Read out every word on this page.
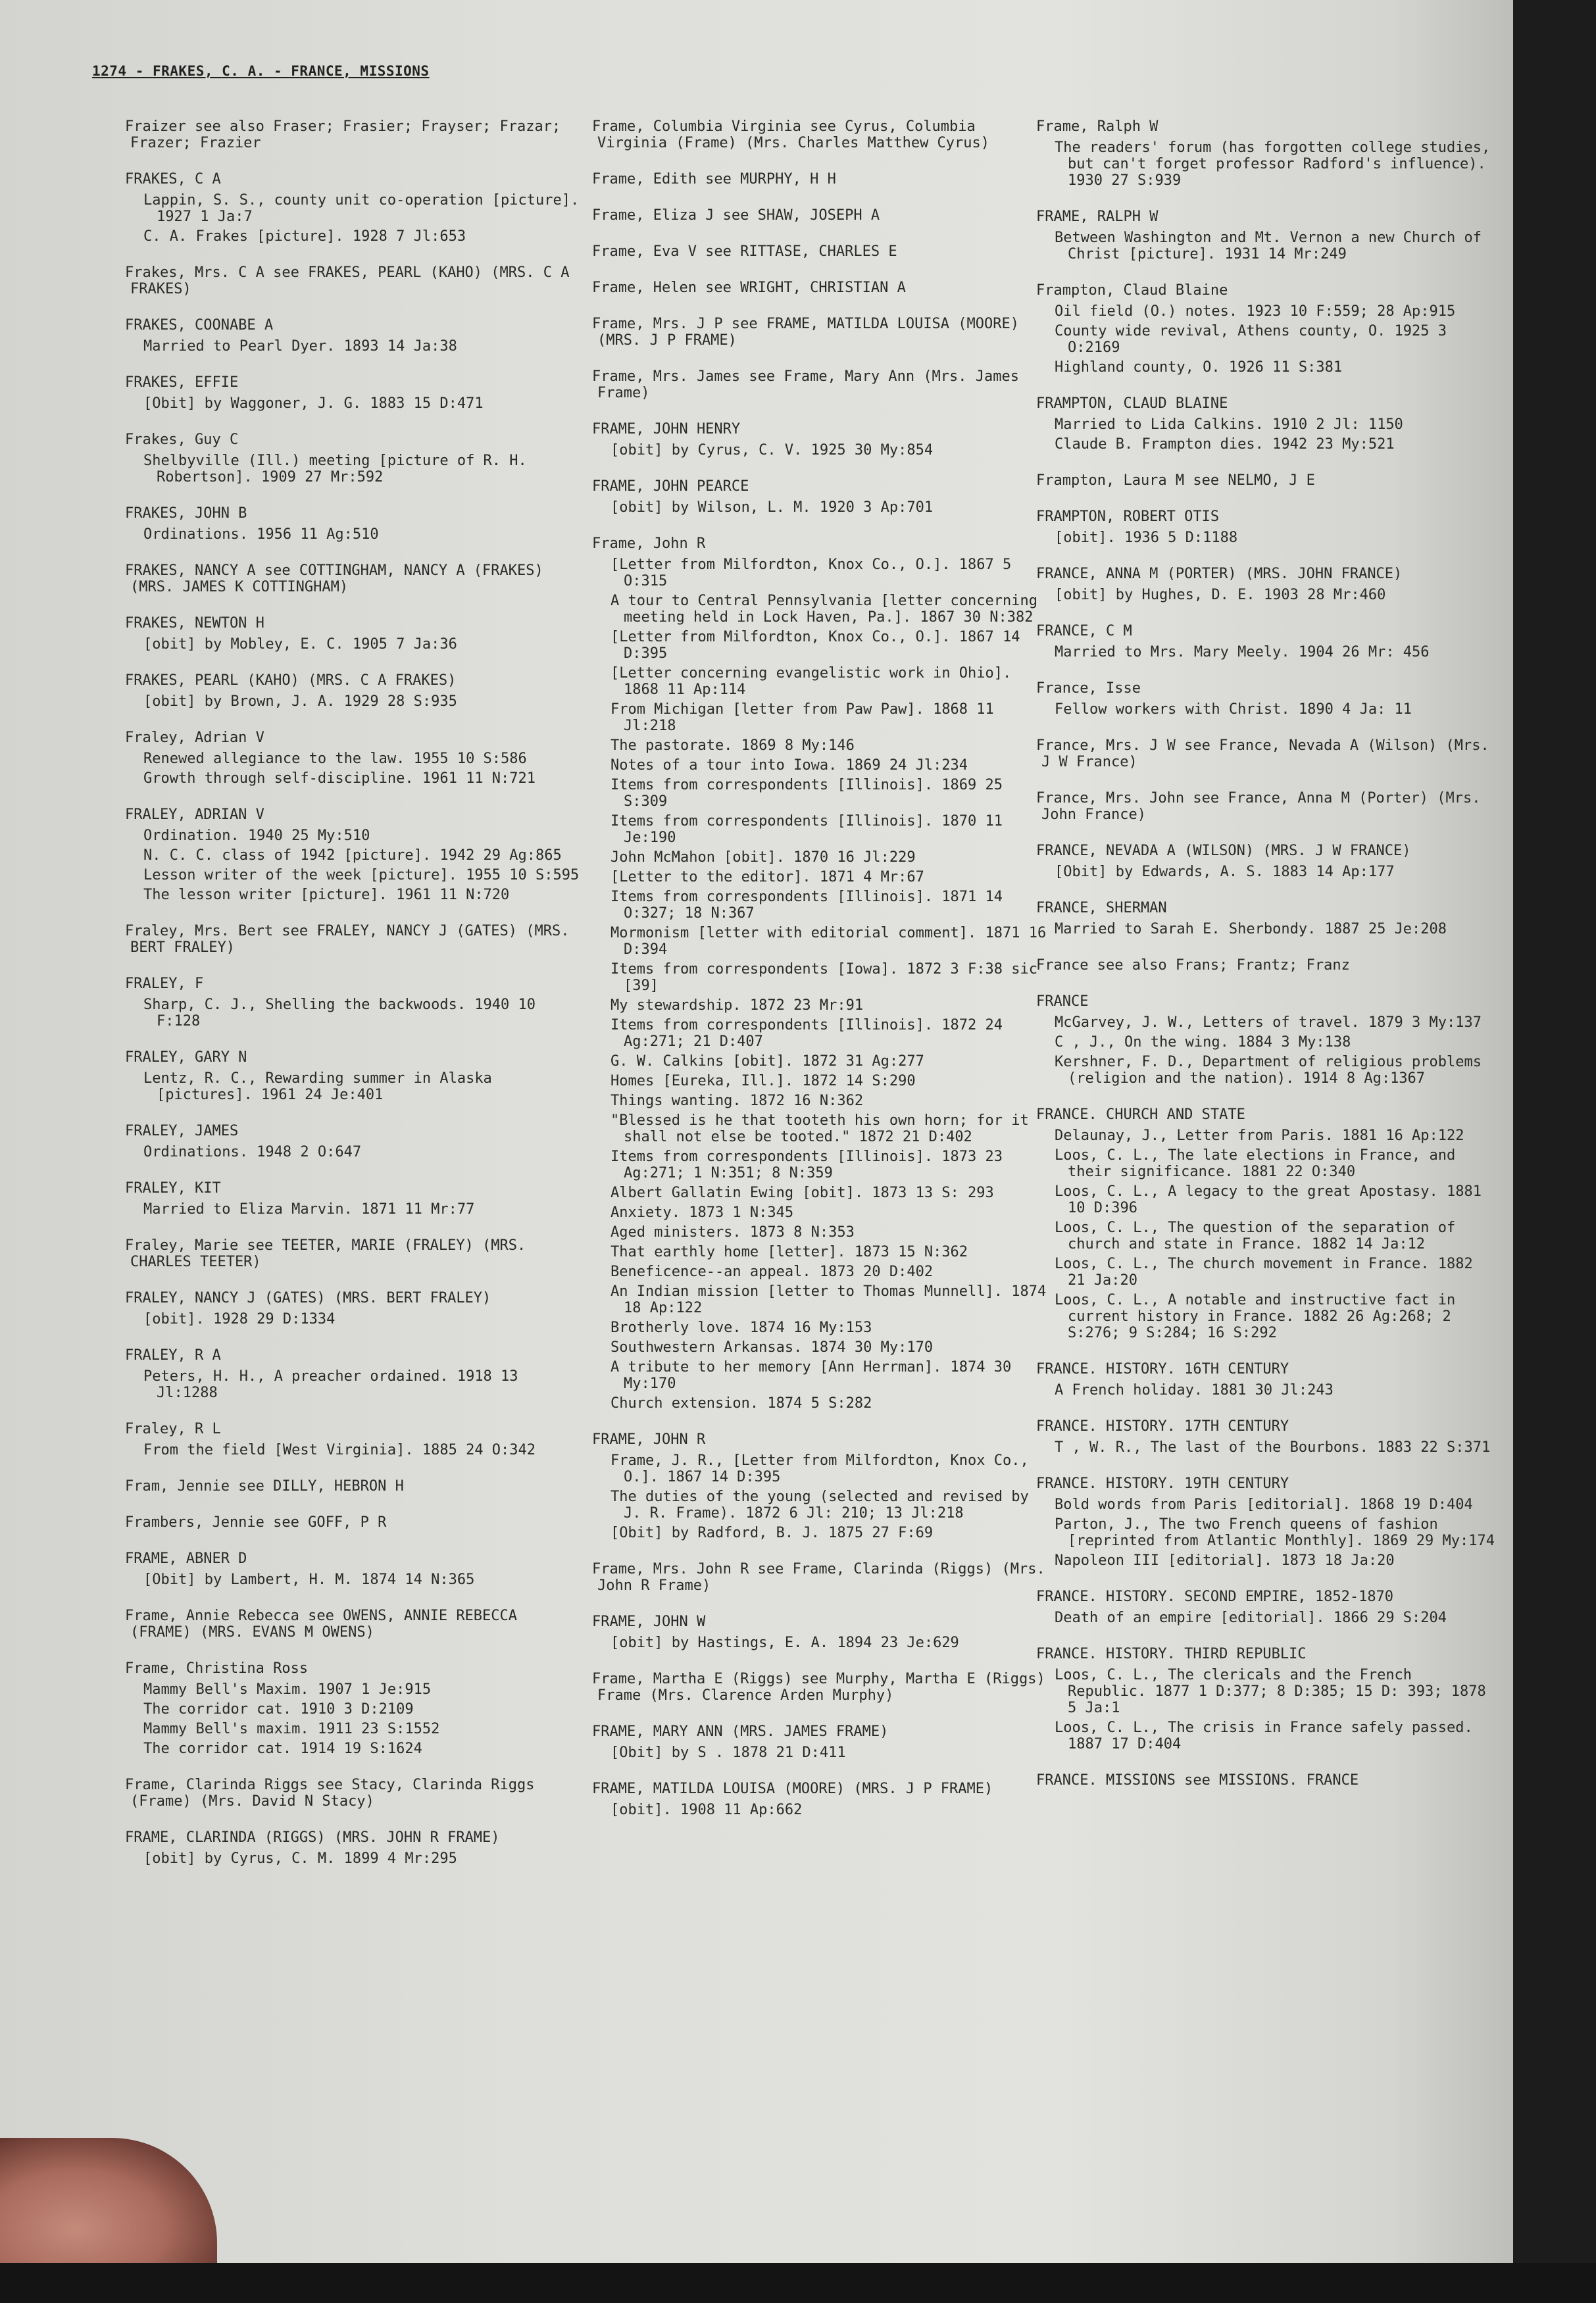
1274 - FRAKES, C. A. - FRANCE, MISSIONS
Fraizer see also Fraser; Frasier; Frayser; Frazar; Frazer; Frazier
FRAKES, C A
Lappin, S. S., county unit co-operation [picture]. 1927 1 Ja:7
C. A. Frakes [picture]. 1928 7 Jl:653
Frakes, Mrs. C A see FRAKES, PEARL (KAHO) (MRS. C A FRAKES)
FRAKES, COONABE A
Married to Pearl Dyer. 1893 14 Ja:38
FRAKES, EFFIE
[Obit] by Waggoner, J. G. 1883 15 D:471
Frakes, Guy C
Shelbyville (Ill.) meeting [picture of R. H. Robertson]. 1909 27 Mr:592
FRAKES, JOHN B
Ordinations. 1956 11 Ag:510
FRAKES, NANCY A see COTTINGHAM, NANCY A (FRAKES) (MRS. JAMES K COTTINGHAM)
FRAKES, NEWTON H
[obit] by Mobley, E. C. 1905 7 Ja:36
FRAKES, PEARL (KAHO) (MRS. C A FRAKES)
[obit] by Brown, J. A. 1929 28 S:935
Fraley, Adrian V
Renewed allegiance to the law. 1955 10 S:586
Growth through self-discipline. 1961 11 N:721
FRALEY, ADRIAN V
Ordination. 1940 25 My:510
N. C. C. class of 1942 [picture]. 1942 29 Ag:865
Lesson writer of the week [picture]. 1955 10 S:595
The lesson writer [picture]. 1961 11 N:720
Fraley, Mrs. Bert see FRALEY, NANCY J (GATES) (MRS. BERT FRALEY)
FRALEY, F
Sharp, C. J., Shelling the backwoods. 1940 10 F:128
FRALEY, GARY N
Lentz, R. C., Rewarding summer in Alaska [pictures]. 1961 24 Je:401
FRALEY, JAMES
Ordinations. 1948 2 O:647
FRALEY, KIT
Married to Eliza Marvin. 1871 11 Mr:77
Fraley, Marie see TEETER, MARIE (FRALEY) (MRS. CHARLES TEETER)
FRALEY, NANCY J (GATES) (MRS. BERT FRALEY)
[obit]. 1928 29 D:1334
FRALEY, R A
Peters, H. H., A preacher ordained. 1918 13 Jl:1288
Fraley, R L
From the field [West Virginia]. 1885 24 O:342
Fram, Jennie see DILLY, HEBRON H
Frambers, Jennie see GOFF, P R
FRAME, ABNER D
[Obit] by Lambert, H. M. 1874 14 N:365
Frame, Annie Rebecca see OWENS, ANNIE REBECCA (FRAME) (MRS. EVANS M OWENS)
Frame, Christina Ross
Mammy Bell's Maxim. 1907 1 Je:915
The corridor cat. 1910 3 D:2109
Mammy Bell's maxim. 1911 23 S:1552
The corridor cat. 1914 19 S:1624
Frame, Clarinda Riggs see Stacy, Clarinda Riggs (Frame) (Mrs. David N Stacy)
FRAME, CLARINDA (RIGGS) (MRS. JOHN R FRAME)
[obit] by Cyrus, C. M. 1899 4 Mr:295
Frame, Columbia Virginia see Cyrus, Columbia Virginia (Frame) (Mrs. Charles Matthew Cyrus)
Frame, Edith see MURPHY, H H
Frame, Eliza J see SHAW, JOSEPH A
Frame, Eva V see RITTASE, CHARLES E
Frame, Helen see WRIGHT, CHRISTIAN A
Frame, Mrs. J P see FRAME, MATILDA LOUISA (MOORE) (MRS. J P FRAME)
Frame, Mrs. James see Frame, Mary Ann (Mrs. James Frame)
FRAME, JOHN HENRY
[obit] by Cyrus, C. V. 1925 30 My:854
FRAME, JOHN PEARCE
[obit] by Wilson, L. M. 1920 3 Ap:701
Frame, John R
[Letter from Milfordton, Knox Co., O.]. 1867 5 O:315
A tour to Central Pennsylvania [letter concerning meeting held in Lock Haven, Pa.]. 1867 30 N:382
[Letter from Milfordton, Knox Co., O.]. 1867 14 D:395
[Letter concerning evangelistic work in Ohio]. 1868 11 Ap:114
From Michigan [letter from Paw Paw]. 1868 11 Jl:218
The pastorate. 1869 8 My:146
Notes of a tour into Iowa. 1869 24 Jl:234
Items from correspondents [Illinois]. 1869 25 S:309
Items from correspondents [Illinois]. 1870 11 Je:190
John McMahon [obit]. 1870 16 Jl:229
[Letter to the editor]. 1871 4 Mr:67
Items from correspondents [Illinois]. 1871 14 O:327; 18 N:367
Mormonism [letter with editorial comment]. 1871 16 D:394
Items from correspondents [Iowa]. 1872 3 F:38 sic [39]
My stewardship. 1872 23 Mr:91
Items from correspondents [Illinois]. 1872 24 Ag:271; 21 D:407
G. W. Calkins [obit]. 1872 31 Ag:277
Homes [Eureka, Ill.]. 1872 14 S:290
Things wanting. 1872 16 N:362
"Blessed is he that tooteth his own horn; for it shall not else be tooted." 1872 21 D:402
Items from correspondents [Illinois]. 1873 23 Ag:271; 1 N:351; 8 N:359
Albert Gallatin Ewing [obit]. 1873 13 S: 293
Anxiety. 1873 1 N:345
Aged ministers. 1873 8 N:353
That earthly home [letter]. 1873 15 N:362
Beneficence--an appeal. 1873 20 D:402
An Indian mission [letter to Thomas Munnell]. 1874 18 Ap:122
Brotherly love. 1874 16 My:153
Southwestern Arkansas. 1874 30 My:170
A tribute to her memory [Ann Herrman]. 1874 30 My:170
Church extension. 1874 5 S:282
FRAME, JOHN R
Frame, J. R., [Letter from Milfordton, Knox Co., O.]. 1867 14 D:395
The duties of the young (selected and revised by J. R. Frame). 1872 6 Jl: 210; 13 Jl:218
[Obit] by Radford, B. J. 1875 27 F:69
Frame, Mrs. John R see Frame, Clarinda (Riggs) (Mrs. John R Frame)
FRAME, JOHN W
[obit] by Hastings, E. A. 1894 23 Je:629
Frame, Martha E (Riggs) see Murphy, Martha E (Riggs) Frame (Mrs. Clarence Arden Murphy)
FRAME, MARY ANN (MRS. JAMES FRAME)
[Obit] by S . 1878 21 D:411
FRAME, MATILDA LOUISA (MOORE) (MRS. J P FRAME)
[obit]. 1908 11 Ap:662
Frame, Ralph W
The readers' forum (has forgotten college studies, but can't forget professor Radford's influence). 1930 27 S:939
FRAME, RALPH W
Between Washington and Mt. Vernon a new Church of Christ [picture]. 1931 14 Mr:249
Frampton, Claud Blaine
Oil field (O.) notes. 1923 10 F:559; 28 Ap:915
County wide revival, Athens county, O. 1925 3 O:2169
Highland county, O. 1926 11 S:381
FRAMPTON, CLAUD BLAINE
Married to Lida Calkins. 1910 2 Jl: 1150
Claude B. Frampton dies. 1942 23 My:521
Frampton, Laura M see NELMO, J E
FRAMPTON, ROBERT OTIS
[obit]. 1936 5 D:1188
FRANCE, ANNA M (PORTER) (MRS. JOHN FRANCE)
[obit] by Hughes, D. E. 1903 28 Mr:460
FRANCE, C M
Married to Mrs. Mary Meely. 1904 26 Mr: 456
France, Isse
Fellow workers with Christ. 1890 4 Ja: 11
France, Mrs. J W see France, Nevada A (Wilson) (Mrs. J W France)
France, Mrs. John see France, Anna M (Porter) (Mrs. John France)
FRANCE, NEVADA A (WILSON) (MRS. J W FRANCE)
[Obit] by Edwards, A. S. 1883 14 Ap:177
FRANCE, SHERMAN
Married to Sarah E. Sherbondy. 1887 25 Je:208
France see also Frans; Frantz; Franz
FRANCE
McGarvey, J. W., Letters of travel. 1879 3 My:137
C , J., On the wing. 1884 3 My:138
Kershner, F. D., Department of religious problems (religion and the nation). 1914 8 Ag:1367
FRANCE. CHURCH AND STATE
Delaunay, J., Letter from Paris. 1881 16 Ap:122
Loos, C. L., The late elections in France, and their significance. 1881 22 O:340
Loos, C. L., A legacy to the great Apostasy. 1881 10 D:396
Loos, C. L., The question of the separation of church and state in France. 1882 14 Ja:12
Loos, C. L., The church movement in France. 1882 21 Ja:20
Loos, C. L., A notable and instructive fact in current history in France. 1882 26 Ag:268; 2 S:276; 9 S:284; 16 S:292
FRANCE. HISTORY. 16TH CENTURY
A French holiday. 1881 30 Jl:243
FRANCE. HISTORY. 17TH CENTURY
T , W. R., The last of the Bourbons. 1883 22 S:371
FRANCE. HISTORY. 19TH CENTURY
Bold words from Paris [editorial]. 1868 19 D:404
Parton, J., The two French queens of fashion [reprinted from Atlantic Monthly]. 1869 29 My:174
Napoleon III [editorial]. 1873 18 Ja:20
FRANCE. HISTORY. SECOND EMPIRE, 1852-1870
Death of an empire [editorial]. 1866 29 S:204
FRANCE. HISTORY. THIRD REPUBLIC
Loos, C. L., The clericals and the French Republic. 1877 1 D:377; 8 D:385; 15 D: 393; 1878 5 Ja:1
Loos, C. L., The crisis in France safely passed. 1887 17 D:404
FRANCE. MISSIONS see MISSIONS. FRANCE
